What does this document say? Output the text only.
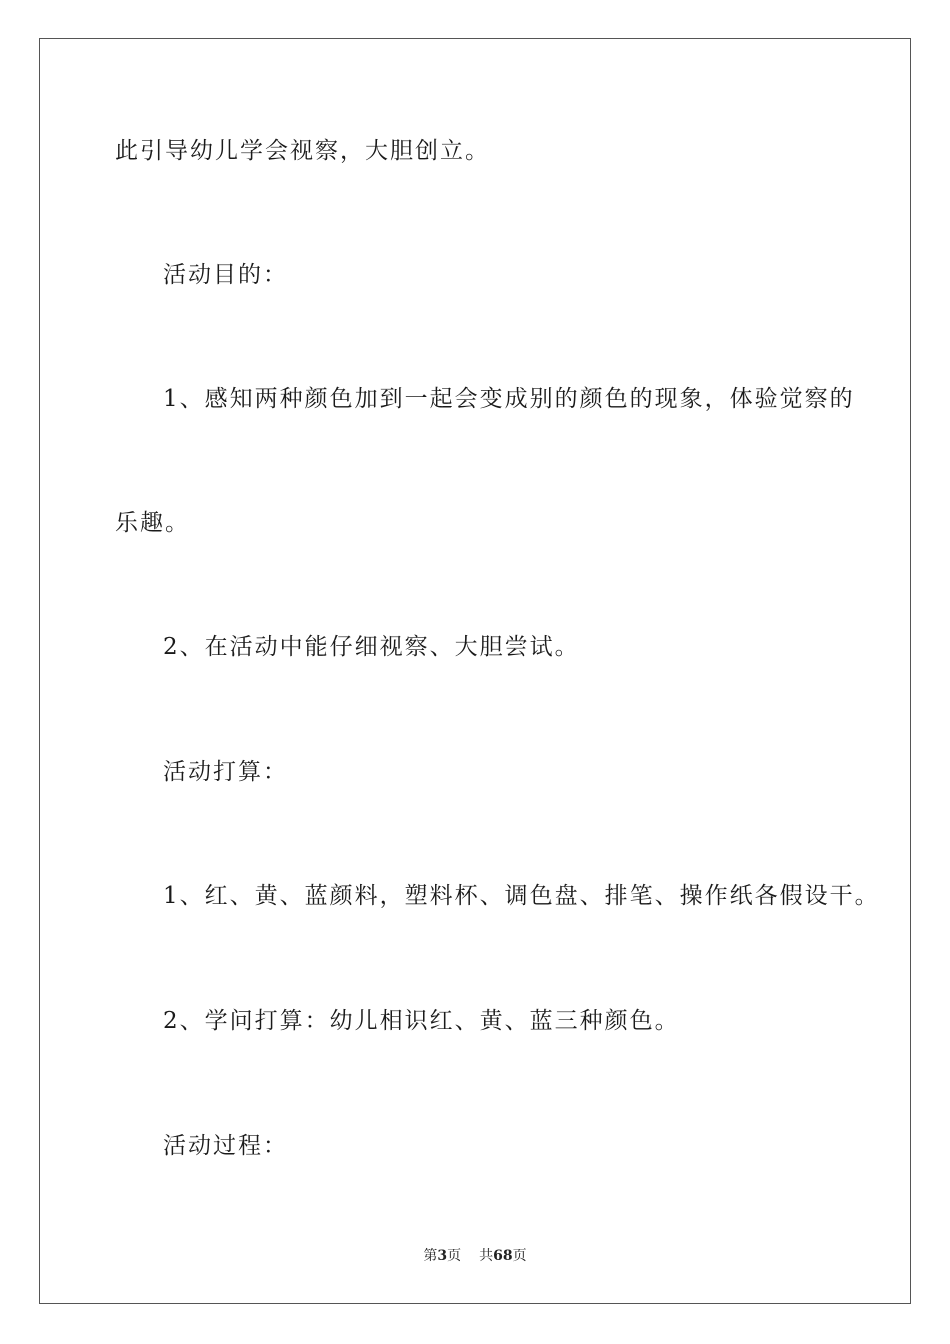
此引导幼儿学会视察，大胆创立。
活动目的：
1、感知两种颜色加到一起会变成别的颜色的现象，体验觉察的
乐趣。
2、在活动中能仔细视察、大胆尝试。
活动打算：
1、红、黄、蓝颜料，塑料杯、调色盘、排笔、操作纸各假设干。
2、学问打算：幼儿相识红、黄、蓝三种颜色。
活动过程：
第3页 共68页
